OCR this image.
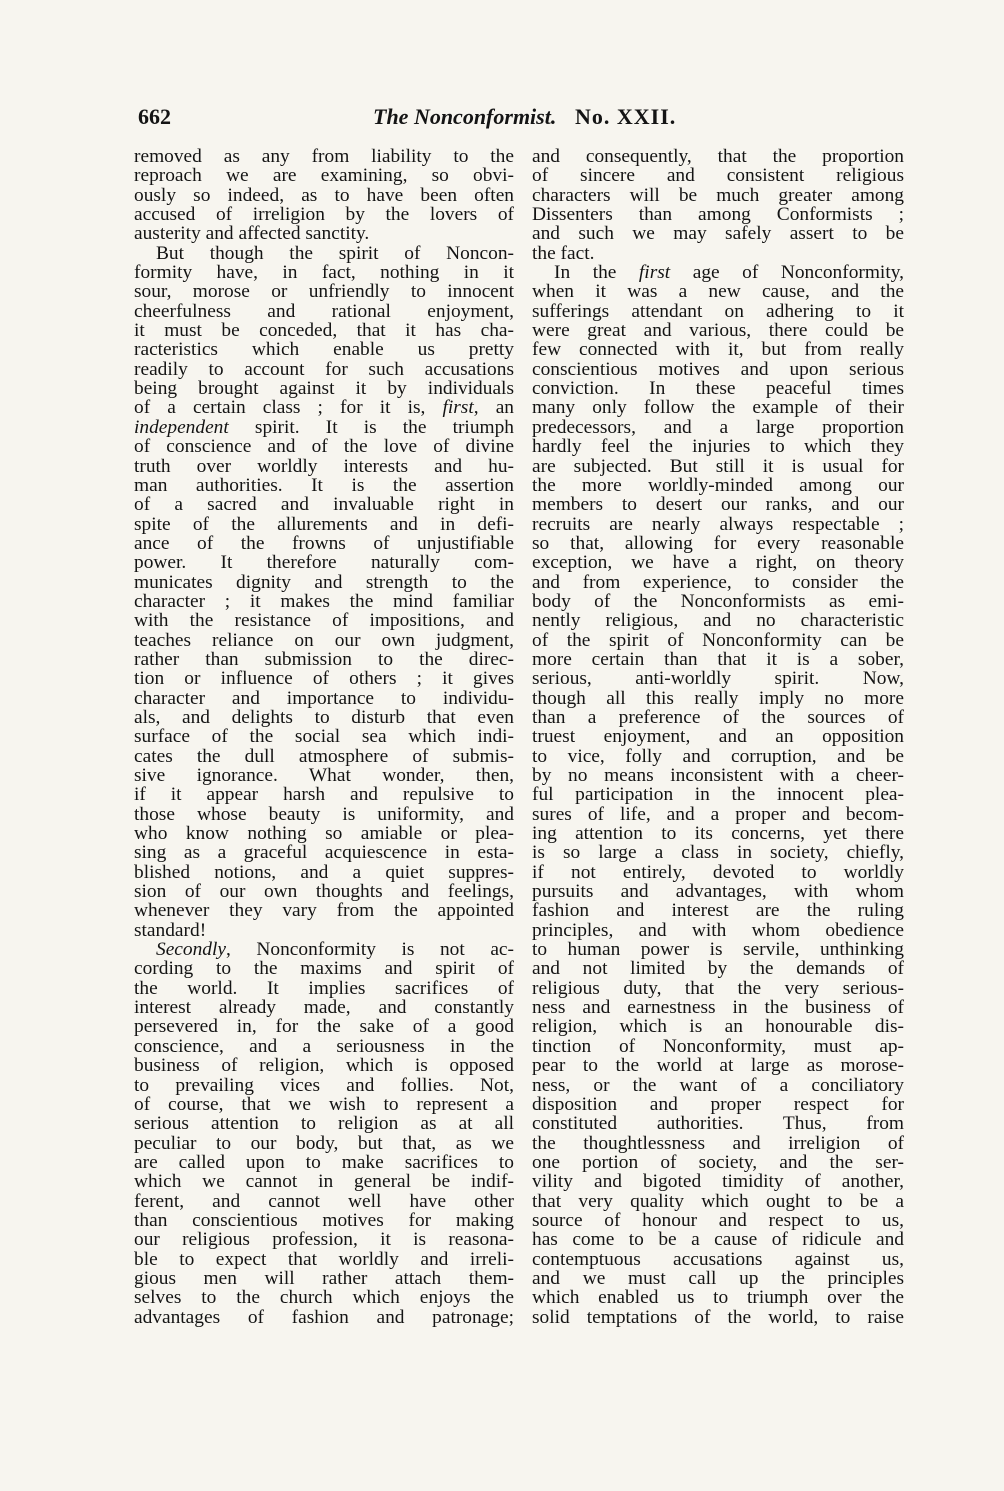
662	The Nonconformist. No. XXII.
removed as any from liability to the
reproach we are examining, so obvi-
ously so indeed, as to have been often
accused of irreligion by the lovers of
austerity and affected sanctity.
But though the spirit of Noncon-
formity have, in fact, nothing in it
sour, morose or unfriendly to innocent
cheerfulness and rational enjoyment,
it must be conceded, that it has cha-
racteristics which enable us pretty
readily to account for such accusations
being brought against it by individuals
of a certain class ; for it is, first, an
independent spirit. It is the triumph
of conscience and of the love of divine
truth over worldly interests and hu-
man authorities. It is the assertion
of a sacred and invaluable right in
spite of the allurements and in defi-
ance of the frowns of unjustifiable
power. It therefore naturally com-
municates dignity and strength to the
character ; it makes the mind familiar
with the resistance of impositions, and
teaches reliance on our own judgment,
rather than submission to the direc-
tion or influence of others ; it gives
character and importance to individu-
als, and delights to disturb that even
surface of the social sea which indi-
cates the dull atmosphere of submis-
sive ignorance. What wonder, then,
if it appear harsh and repulsive to
those whose beauty is uniformity, and
who know nothing so amiable or plea-
sing as a graceful acquiescence in esta-
blished notions, and a quiet suppres-
sion of our own thoughts and feelings,
whenever they vary from the appointed
standard!
Secondly, Nonconformity is not ac-
cording to the maxims and spirit of
the world. It implies sacrifices of
interest already made, and constantly
persevered in, for the sake of a good
conscience, and a seriousness in the
business of religion, which is opposed
to prevailing vices and follies. Not,
of course, that we wish to represent a
serious attention to religion as at all
peculiar to our body, but that, as we
are called upon to make sacrifices to
which we cannot in general be indif-
ferent, and cannot well have other
than conscientious motives for making
our religious profession, it is reasona-
ble to expect that worldly and irreli-
gious men will rather attach them-
selves to the church which enjoys the
advantages of fashion and patronage;
and consequently, that the proportion
of sincere and consistent religious
characters will be much greater among
Dissenters than among Conformists ;
and such we may safely assert to be
the fact.
In the first age of Nonconformity,
when it was a new cause, and the
sufferings attendant on adhering to it
were great and various, there could be
few connected with it, but from really
conscientious motives and upon serious
conviction. In these peaceful times
many only follow the example of their
predecessors, and a large proportion
hardly feel the injuries to which they
are subjected. But still it is usual for
the more worldly-minded among our
members to desert our ranks, and our
recruits are nearly always respectable ;
so that, allowing for every reasonable
exception, we have a right, on theory
and from experience, to consider the
body of the Nonconformists as emi-
nently religious, and no characteristic
of the spirit of Nonconformity can be
more certain than that it is a sober,
serious, anti-worldly spirit. Now,
though all this really imply no more
than a preference of the sources of
truest enjoyment, and an opposition
to vice, folly and corruption, and be
by no means inconsistent with a cheer-
ful participation in the innocent plea-
sures of life, and a proper and becom-
ing attention to its concerns, yet there
is so large a class in society, chiefly,
if not entirely, devoted to worldly
pursuits and advantages, with whom
fashion and interest are the ruling
principles, and with whom obedience
to human power is servile, unthinking
and not limited by the demands of
religious duty, that the very serious-
ness and earnestness in the business of
religion, which is an honourable dis-
tinction of Nonconformity, must ap-
pear to the world at large as morose-
ness, or the want of a conciliatory
disposition and proper respect for
constituted authorities. Thus, from
the thoughtlessness and irreligion of
one portion of society, and the ser-
vility and bigoted timidity of another,
that very quality which ought to be a
source of honour and respect to us,
has come to be a cause of ridicule and
contemptuous accusations against us,
and we must call up the principles
which enabled us to triumph over the
solid temptations of the world, to raise
